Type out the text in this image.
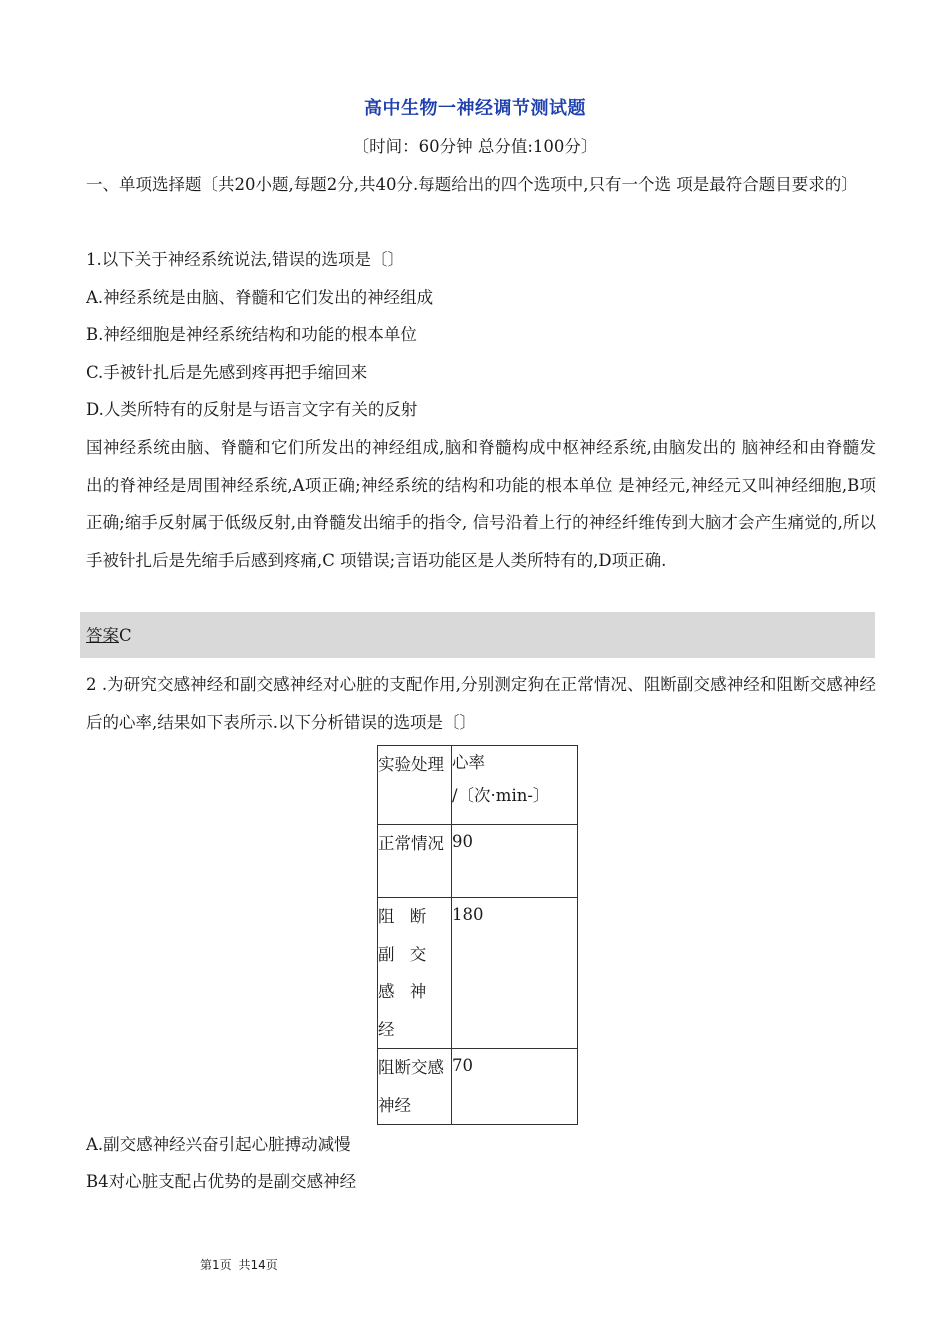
高中生物一神经调节测试题
〔时间：60分钟 总分值:100分〕
一、单项选择题〔共20小题,每题2分,共40分.每题给出的四个选项中,只有一个选 项是最符合题目要求的〕
1.以下关于神经系统说法,错误的选项是〔〕
A.神经系统是由脑、脊髓和它们发出的神经组成
B.神经细胞是神经系统结构和功能的根本单位
C.手被针扎后是先感到疼再把手缩回来
D.人类所特有的反射是与语言文字有关的反射
国神经系统由脑、脊髓和它们所发出的神经组成,脑和脊髓构成中枢神经系统,由脑发出的 脑神经和由脊髓发出的脊神经是周围神经系统,A项正确;神经系统的结构和功能的根本单位 是神经元,神经元又叫神经细胞,B项正确;缩手反射属于低级反射,由脊髓发出缩手的指令, 信号沿着上行的神经纤维传到大脑才会产生痛觉的,所以手被针扎后是先缩手后感到疼痛,C 项错误;言语功能区是人类所特有的,D项正确.
答案C
2 .为研究交感神经和副交感神经对心脏的支配作用,分别测定狗在正常情况、阻断副交感神经和阻断交感神经后的心率,结果如下表所示.以下分析错误的选项是〔〕
实验处理	心率
/〔次·min-〕

正常情况	90
阻 断 副 交 感 神 经	180
阻断交感神经	70
A.副交感神经兴奋引起心脏搏动减慢
B4对心脏支配占优势的是副交感神经
第1页 共14页
